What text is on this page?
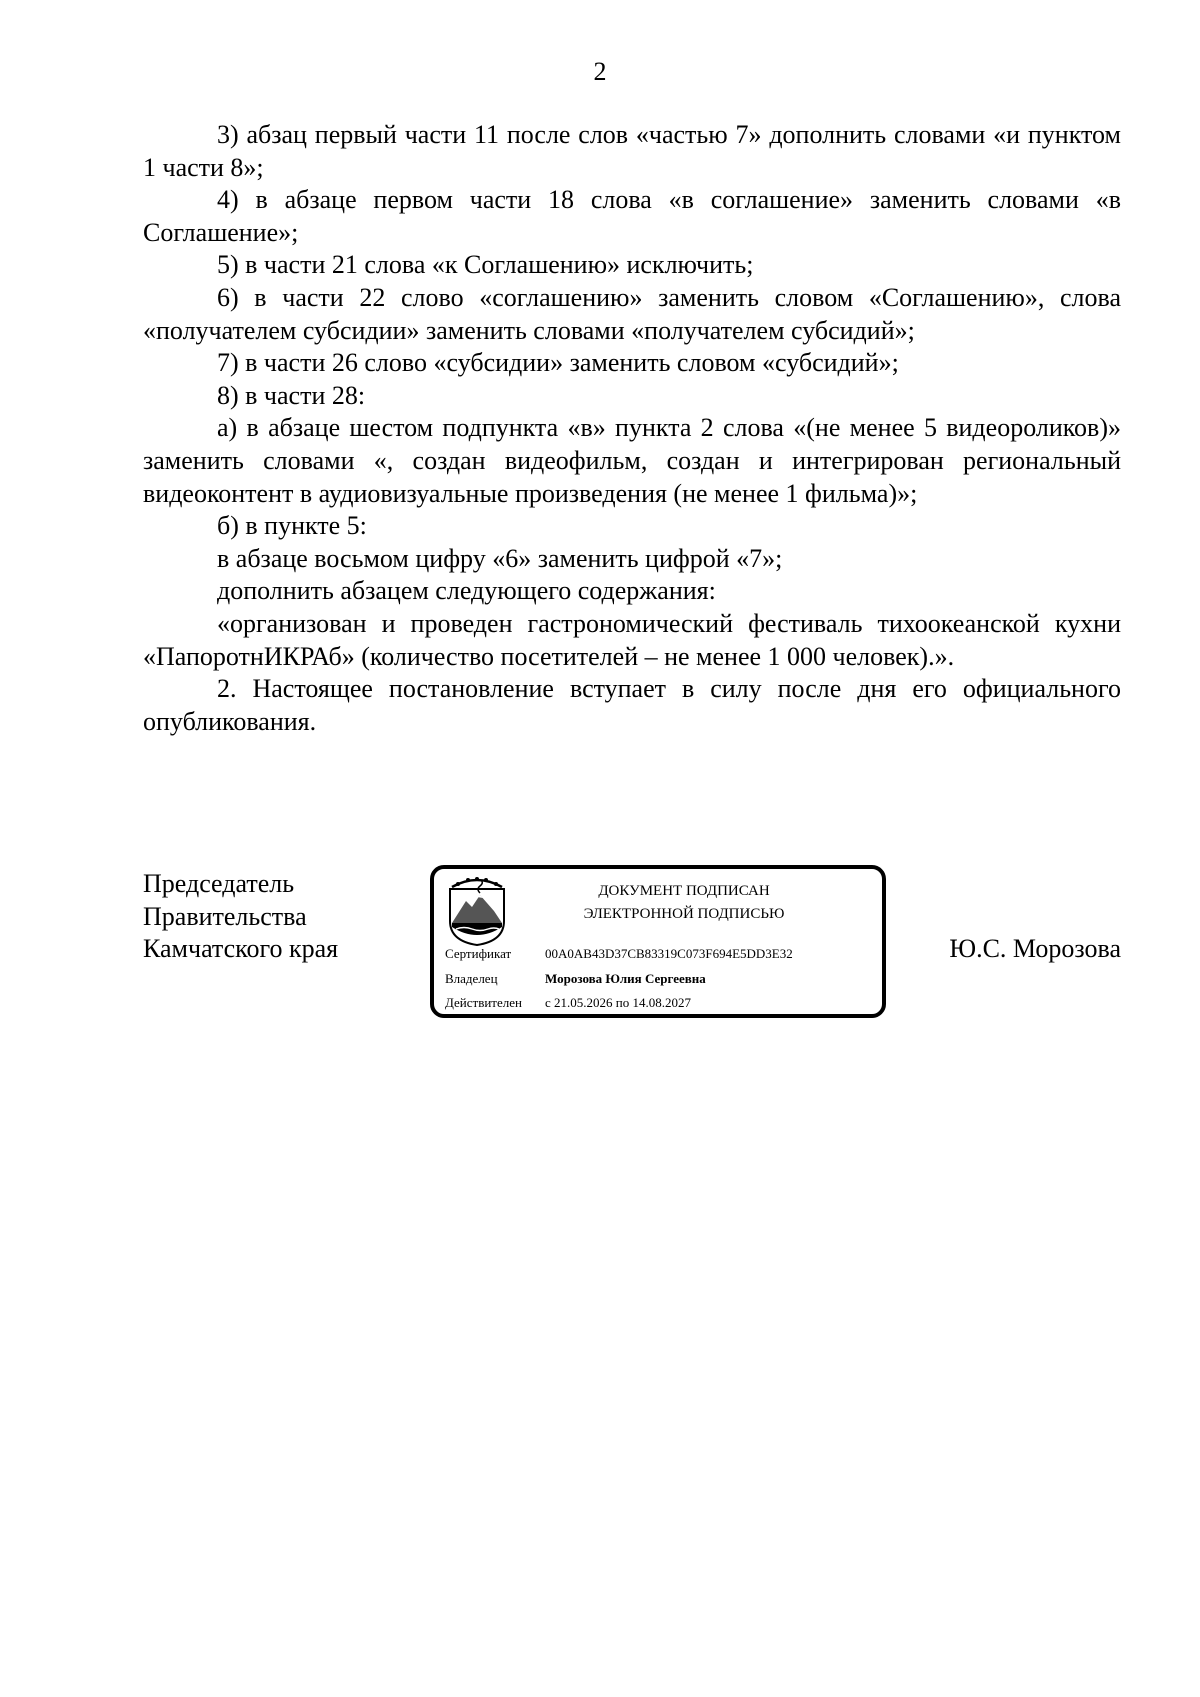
2

3) абзац первый части 11 после слов «частью 7» дополнить словами «и пунктом 1 части 8»;

4) в абзаце первом части 18 слова «в соглашение» заменить словами «в Соглашение»;

5) в части 21 слова «к Соглашению» исключить;

6) в части 22 слово «соглашению» заменить словом «Соглашению», слова «получателем субсидии» заменить словами «получателем субсидий»;

7) в части 26 слово «субсидии» заменить словом «субсидий»;

8) в части 28:

а) в абзаце шестом подпункта «в» пункта 2 слова «(не менее 5 видеороликов)» заменить словами «, создан видеофильм, создан и интегрирован региональный видеоконтент в аудиовизуальные произведения (не менее 1 фильма)»;

б) в пункте 5:

в абзаце восьмом цифру «6» заменить цифрой «7»;

дополнить абзацем следующего содержания:

«организован и проведен гастрономический фестиваль тихоокеанской кухни «ПапоротнИКРАб» (количество посетителей – не менее 1 000 человек).».

2. Настоящее постановление вступает в силу после дня его официального опубликования.

Председатель
Правительства
Камчатского края
ДОКУМЕНТ ПОДПИСАН
ЭЛЕКТРОННОЙ ПОДПИСЬЮ
Сертификат	00A0AB43D37CB83319C073F694E5DD3E32
Владелец	Морозова Юлия Сергеевна
Действителен с 21.05.2026 по 14.08.2027
Ю.С. Морозова
